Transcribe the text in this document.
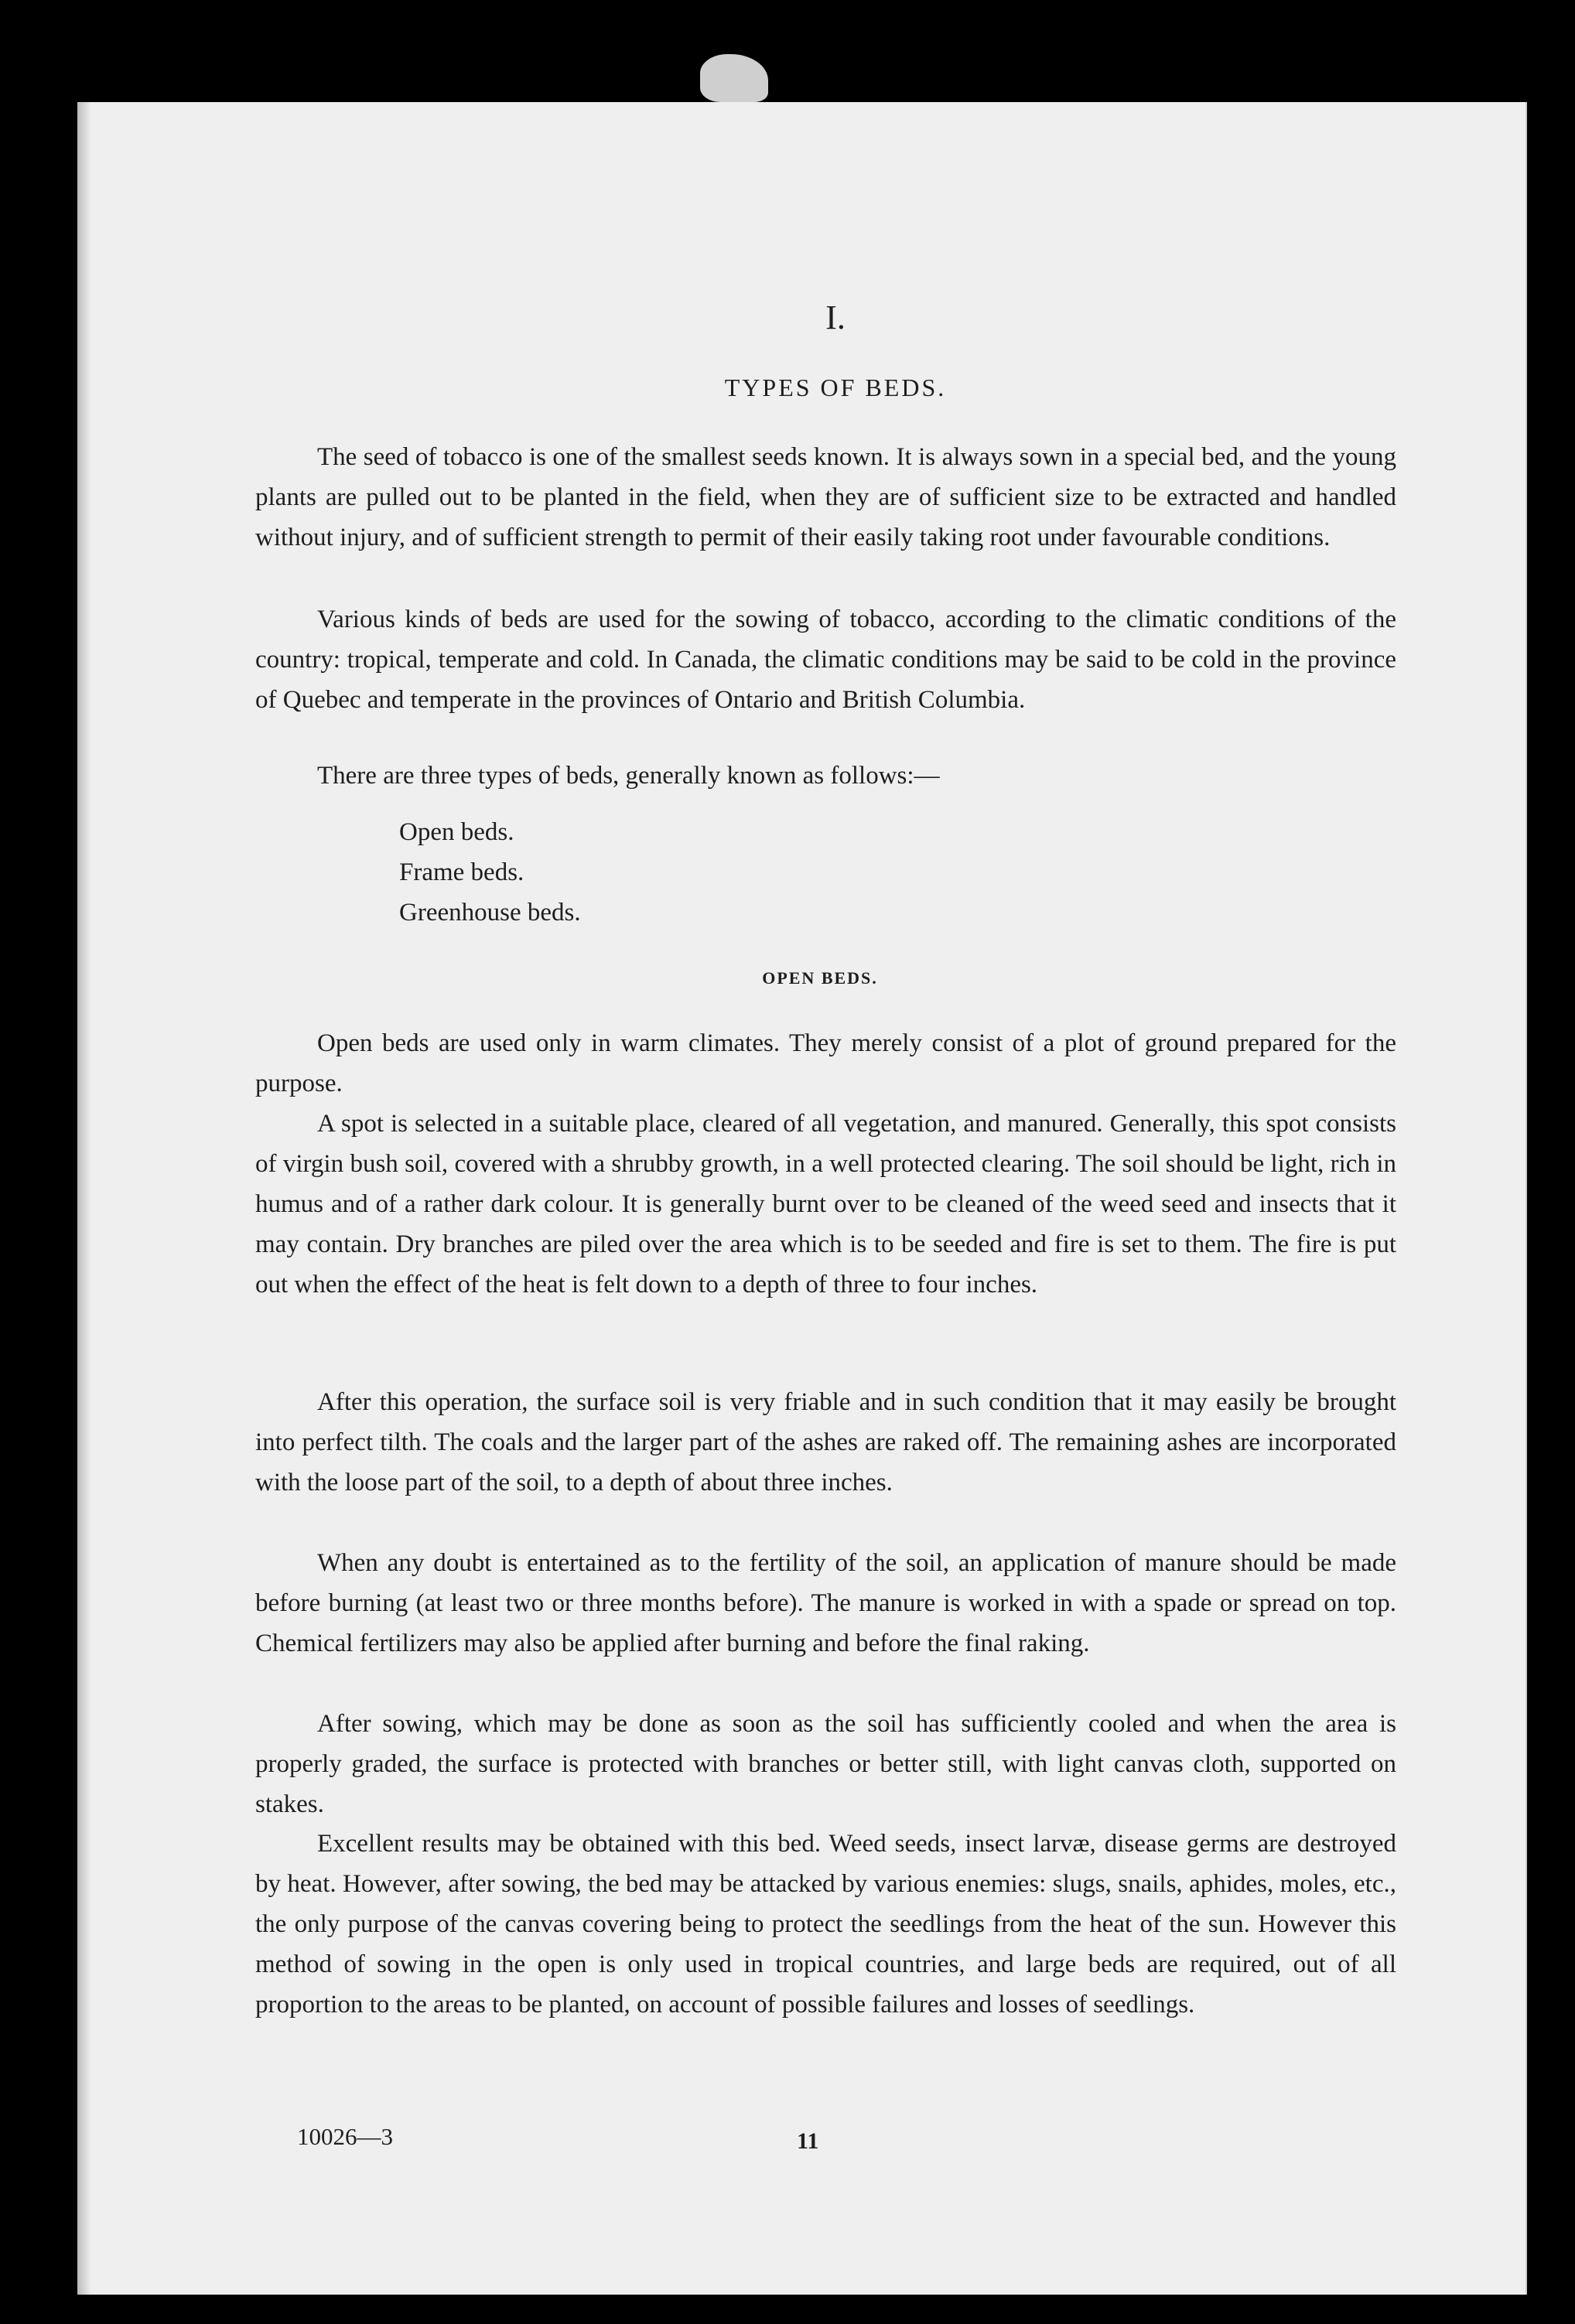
I.
TYPES OF BEDS.

The seed of tobacco is one of the smallest seeds known. It is always sown in a special bed, and the young plants are pulled out to be planted in the field, when they are of sufficient size to be extracted and handled without injury, and of sufficient strength to permit of their easily taking root under favourable conditions.

Various kinds of beds are used for the sowing of tobacco, according to the climatic conditions of the country: tropical, temperate and cold. In Canada, the climatic conditions may be said to be cold in the province of Quebec and temperate in the provinces of Ontario and British Columbia.

There are three types of beds, generally known as follows:—

Open beds.
Frame beds.
Greenhouse beds.
OPEN BEDS.

Open beds are used only in warm climates. They merely consist of a plot of ground prepared for the purpose.

A spot is selected in a suitable place, cleared of all vegetation, and manured. Generally, this spot consists of virgin bush soil, covered with a shrubby growth, in a well protected clearing. The soil should be light, rich in humus and of a rather dark colour. It is generally burnt over to be cleaned of the weed seed and insects that it may contain. Dry branches are piled over the area which is to be seeded and fire is set to them. The fire is put out when the effect of the heat is felt down to a depth of three to four inches.

After this operation, the surface soil is very friable and in such condition that it may easily be brought into perfect tilth. The coals and the larger part of the ashes are raked off. The remaining ashes are incorporated with the loose part of the soil, to a depth of about three inches.

When any doubt is entertained as to the fertility of the soil, an application of manure should be made before burning (at least two or three months before). The manure is worked in with a spade or spread on top. Chemical fertilizers may also be applied after burning and before the final raking.

After sowing, which may be done as soon as the soil has sufficiently cooled and when the area is properly graded, the surface is protected with branches or better still, with light canvas cloth, supported on stakes.

Excellent results may be obtained with this bed. Weed seeds, insect larvæ, disease germs are destroyed by heat. However, after sowing, the bed may be attacked by various enemies: slugs, snails, aphides, moles, etc., the only purpose of the canvas covering being to protect the seedlings from the heat of the sun. However this method of sowing in the open is only used in tropical countries, and large beds are required, out of all proportion to the areas to be planted, on account of possible failures and losses of seedlings.

10026—3	11
